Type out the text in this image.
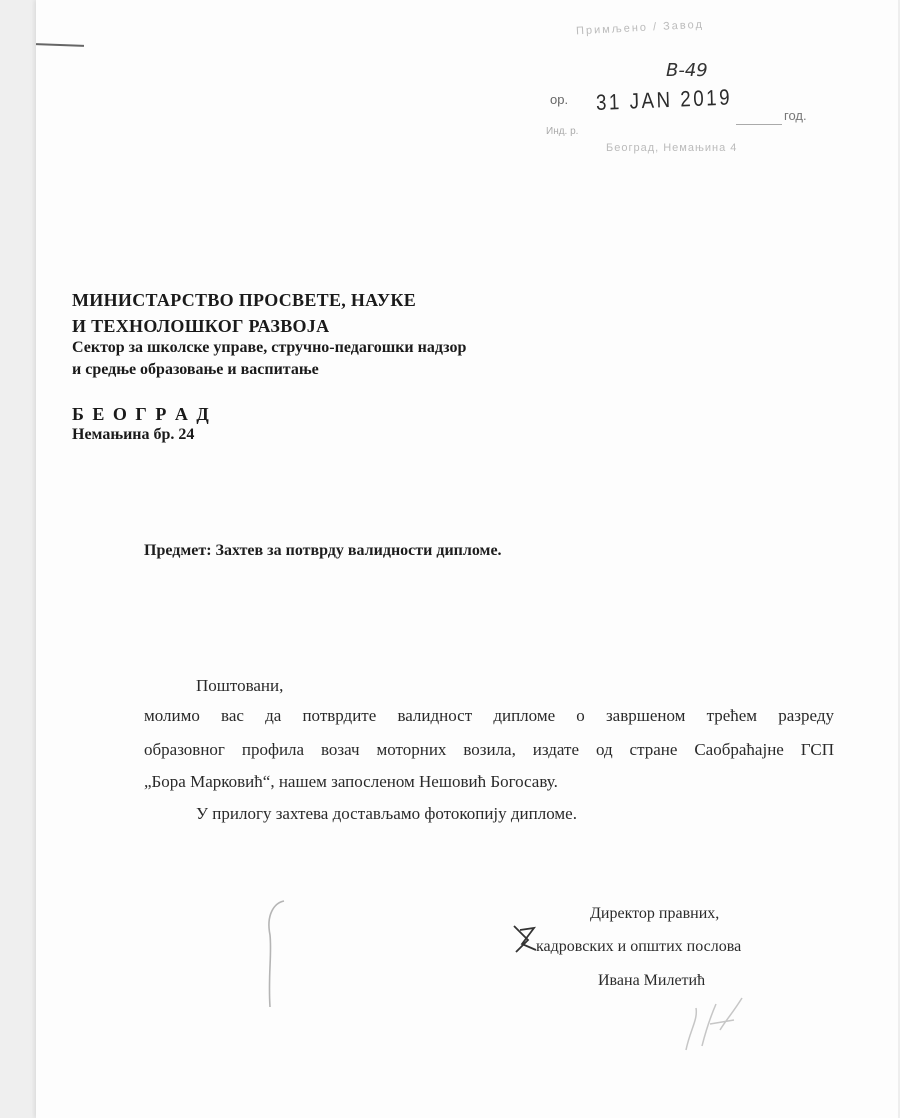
Примљено / Завод
В-49
ор. 31 JAN 2019
год.
Инд. р.
Београд, Немањина 4
МИНИСТАРСТВО ПРОСВЕТЕ, НАУКЕ
И ТЕХНОЛОШКОГ РАЗВОЈА
Сектор за школске управе, стручно-педагошки надзор
и средње образовање и васпитање
Б Е О Г Р А Д
Немањина бр. 24
Предмет: Захтев за потврду валидности дипломе.
Поштовани,
молимо вас да потврдите валидност дипломе о завршеном трећем разреду
образовног профила возач моторних возила, издате од стране Саобраћајне ГСП
„Бора Марковић“, нашем запосленом Нешовић Богосаву.
У прилогу захтева достављамо фотокопију дипломе.
Директор правних,
кадровских и општих послова
Ивана Милетић
